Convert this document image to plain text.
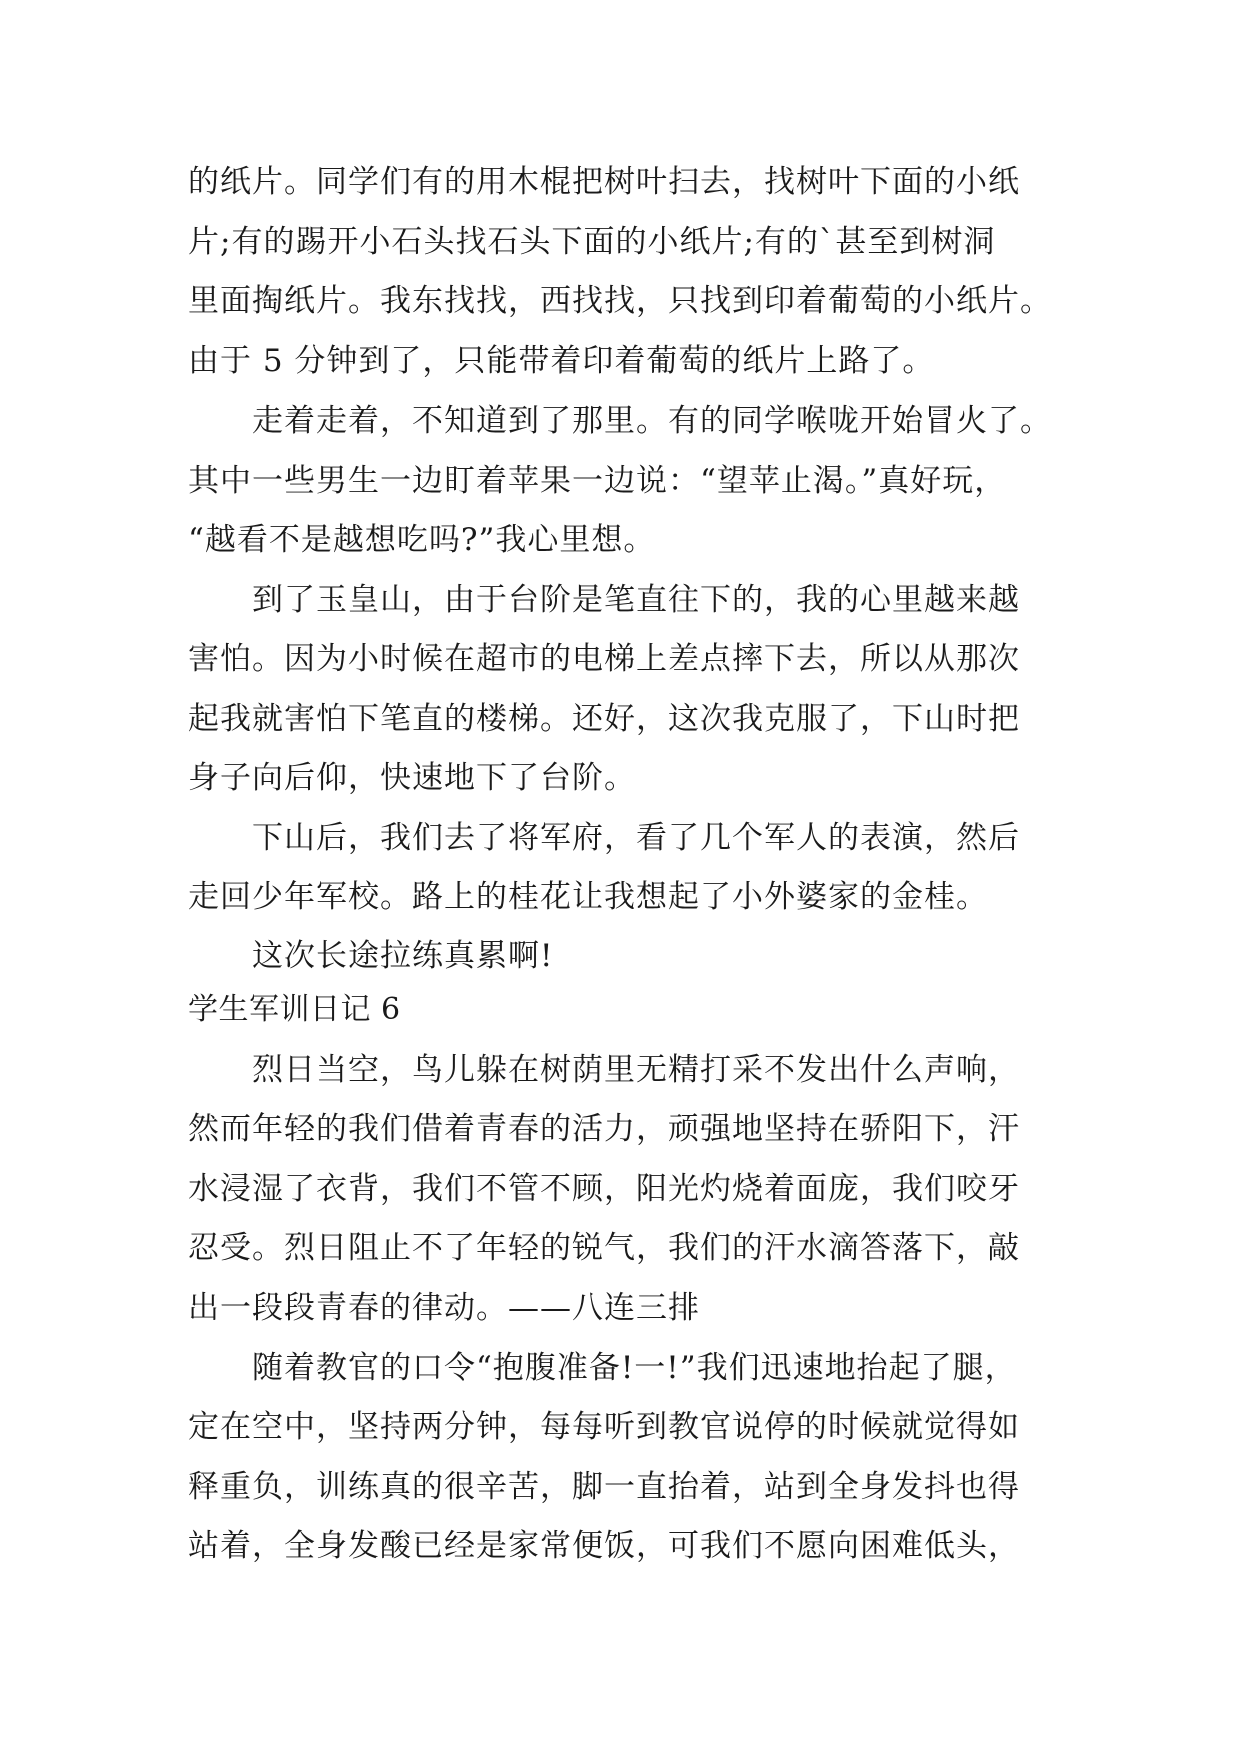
的纸片。同学们有的用木棍把树叶扫去，找树叶下面的小纸
片;有的踢开小石头找石头下面的小纸片;有的`甚至到树洞
里面掏纸片。我东找找，西找找，只找到印着葡萄的小纸片。
由于 5 分钟到了，只能带着印着葡萄的纸片上路了。
走着走着，不知道到了那里。有的同学喉咙开始冒火了。
其中一些男生一边盯着苹果一边说：“望苹止渴。”真好玩，
“越看不是越想吃吗?”我心里想。
到了玉皇山，由于台阶是笔直往下的，我的心里越来越
害怕。因为小时候在超市的电梯上差点摔下去，所以从那次
起我就害怕下笔直的楼梯。还好，这次我克服了，下山时把
身子向后仰，快速地下了台阶。
下山后，我们去了将军府，看了几个军人的表演，然后
走回少年军校。路上的桂花让我想起了小外婆家的金桂。
这次长途拉练真累啊!
学生军训日记 6
烈日当空，鸟儿躲在树荫里无精打采不发出什么声响，
然而年轻的我们借着青春的活力，顽强地坚持在骄阳下，汗
水浸湿了衣背，我们不管不顾，阳光灼烧着面庞，我们咬牙
忍受。烈日阻止不了年轻的锐气，我们的汗水滴答落下，敲
出一段段青春的律动。——八连三排
随着教官的口令“抱腹准备!一!”我们迅速地抬起了腿，
定在空中，坚持两分钟，每每听到教官说停的时候就觉得如
释重负，训练真的很辛苦，脚一直抬着，站到全身发抖也得
站着，全身发酸已经是家常便饭，可我们不愿向困难低头，
